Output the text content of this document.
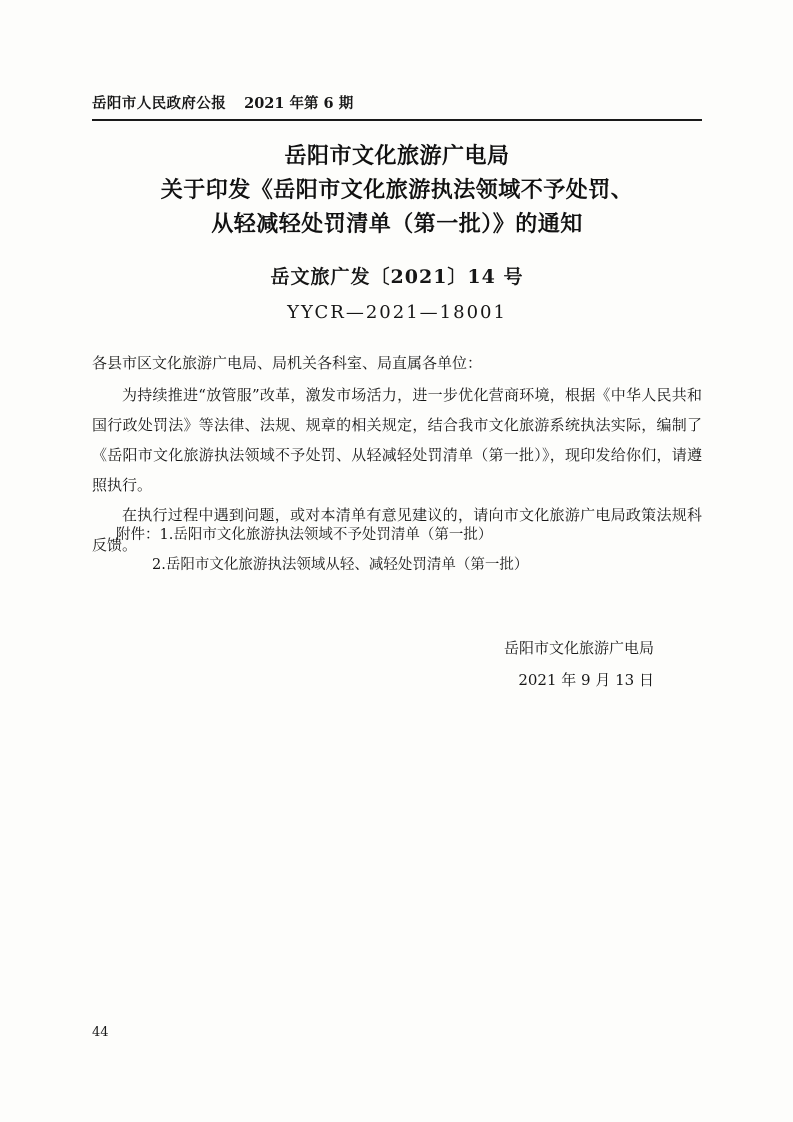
岳阳市人民政府公报 2021 年第 6 期
岳阳市文化旅游广电局
关于印发《岳阳市文化旅游执法领域不予处罚、
从轻减轻处罚清单（第一批）》的通知
岳文旅广发〔2021〕14 号
YYCR—2021—18001

各县市区文化旅游广电局、局机关各科室、局直属各单位：

为持续推进“放管服”改革，激发市场活力，进一步优化营商环境，根据《中华人民共和国行政处罚法》等法律、法规、规章的相关规定，结合我市文化旅游系统执法实际，编制了《岳阳市文化旅游执法领域不予处罚、从轻减轻处罚清单（第一批）》，现印发给你们，请遵照执行。

在执行过程中遇到问题，或对本清单有意见建议的，请向市文化旅游广电局政策法规科反馈。

附件：1.岳阳市文化旅游执法领域不予处罚清单（第一批）

2.岳阳市文化旅游执法领域从轻、减轻处罚清单（第一批）

岳阳市文化旅游广电局
2021 年 9 月 13 日
44
